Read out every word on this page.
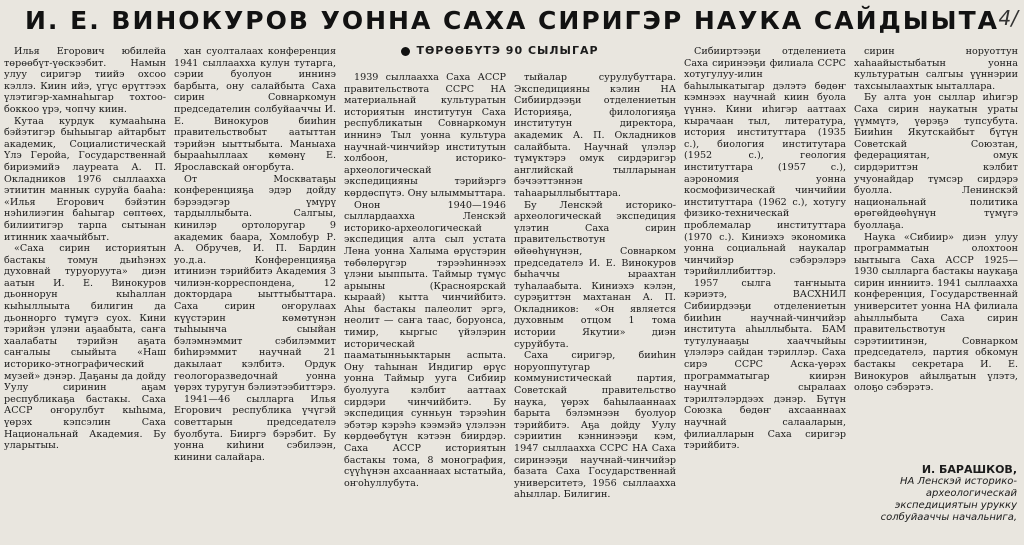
И. Е. ВИНОКУРОВ УОННА САХА СИРИГЭР НАУКА САЙДЫЫТА 4/
ТӨРӨӨБҮТЭ 90 СЫЛЫГАР

Илья Егорович юбилейа төрөөбүт-үөскээбит. Намын улуу сиригэр тиийэ охсоо кэллэ. Киин ийэ, үгүс өрүттээх үлэтигэр-хамнаһыгар тохтоо-боккоо үрэ, чопчу киин.

Кутаа курдук кумааһына бэйэтигэр быһыыгар айтарбыт академик, Социалистическай Үлэ Геройа, Государственнай бириэмийэ лауреата А. П. Окладников 1976 сыллаахха этиитин маннык суруйа бааһа: «Илья Егорович бэйэтин нэһилиэгин баһыгар сөптөөх, билиитигэр тарпа сытынан итинник хаачыйбыт.

«Саха сирин историятын бастакы томун дьиһэнэх духовнай туруоруута» диэн аатын И. Е. Винокуров дьоннорун кыһаллан кыһыллыыта билигин да дьоннорго түмүгэ суох. Кини тэрийэн үлэни аҕаабыта, саҥа хаалабаты тэрийэн аҕата саҥалыы сыыйыта «Наш историко-этнографический музей» дэнэр. Даҕаны да дойду Уулу сиринин аҕам республикаҕа бастакы. Саха АССР оҥорулбут кыһыма, үөрэх кэпсэлин Саха Национальнай Академия. Бу уларытыы.

хан суолталаах конференция 1941 сыллаахха кулун тутарга, сэрии буолуон иннинэ барбыта, ону салайбыта Саха сирин Совнаркомун председателин солбуйааччы И. Е. Винокуров бииһин правительствобыт аатыттан тэрийэн ыыттыбыта. Маныаха бырааһыллаах көмөнү Е. Ярославскай оҥорбута.

От Москватаҕы конференцияҕа эдэр дойду бэрээдэгэр үмүрү тардыллыбыта. Салгыы, кинилэр ортолоругар 9 академик баара, Хомлобур Р. А. Обручев, И. П. Бардин уо.д.а. Конференцияҕа итиниэн тэрийбитэ Академия 3 чилиэн-корреспондена, 12 доктордара ыыттыбыттара. Саха сирин оҥорулаах күүстэрин көмөтүнэн тыһыынча сыыйан бэлэмнэммит сэбилэммит биһирэммит научнай 21 дакылаат кэлбитэ. Ордук геологоразведочнай уонна үөрэх туругун бэлиэтээбиттэрэ.

1941—46 сылларга Илья Егорович республика үчүгэй советтарын председателэ буолбута. Бииргэ бэрэбит. Бу уонна киһини сэбилээн, кинини салайара.

1939 сыллаахха Саха АССР правительствота ССРС НА материальнай культуратын историятын институтун Саха республикатын Совнаркомун иннинэ Тыл уонна культура научнай-чинчийэр институтын холбоон, историко-археологическай экспедицияны тэрийэргэ көрдөспүтэ. Ону ылыммыттара.

Онон 1940—1946 сыллардаахха Ленскэй историко-археологическай экспедиция алта сыл устата Лена уонна Халыма өрүстэрин төбөлөрүгэр тэрээһиннээх үлэни ыыппыта. Таймыр түмүс арыыны (Красноярскай кыраай) кытта чинчийбитэ. Аһы бастакы палеолит эргэ, неолит — саҥа таас, боруонса, тимир, кыргыс үйэлэрин историческай пааматынньыктарын аспыта. Ону таһынан Индигир өрүс уонна Таймыр ууга Сибиир буолууга кэлбит ааттаах сирдэри чинчийбитэ. Бу экспедиция сунньун тэрээһин эбэтэр кэрэһэ кээмэйэ үлэлээн көрдөөбүтүн кэтээн биирдэр. Саха АССР историятын бастакы тома, 8 монография, сүүһүнэн ахсааннаах ыстатыйа, оҥоһуллубута.

тыйалар сурулубуттара. Экспедицияны кэлин НА Сибиирдээҕи отделениетын Историяҕа, филологияҕа институтун директора, академик А. П. Окладников салайбыта. Научнай үлэлэр түмүктэрэ омук сирдэригэр английскай тылларынан бэчээттэннэн таһаарыллыбыттара.

Бу Ленскэй историко-археологическай экспедиция үлэтин Саха сирин правительствотун өйөөһүнүнэн, Совнарком председателэ И. Е. Винокуров быһаччы ыраахтан туһалаабыта. Киниэхэ кэлэн, сурэҕиттэн махтанан А. П. Окладников: «Он является духовным отцом 1 тома истории Якутии» диэн суруйбута.

Саха сиригэр, бииһин норуоппутугар коммунистическай партия, Советскай правительство наука, үөрэх баһылааннаах барыта бэлэмнээн буолуор тэрийбитэ. Аҕа дойду Уулу сэриитин кэннинээҕи кэм, 1947 сыллаахха ССРС НА Саха сиринээҕи научнай-чинчийэр базата Саха Государственнай университетэ, 1956 сыллаахха аһыллар. Билигин.

Сибииртээҕи отделениета Саха сиринээҕи филиала ССРС хотугулуу-илин баһылыкатыгар дэлэтэ бөдөҥ кэмнээх научнай киин буола үүннэ. Кини иһигэр ааттаах кырачаан тыл, литература, история институттара (1935 с.), биология институтара (1952 с.), геология институттара (1957 с.), аэрономия уонна космофизическай чинчийии институттара (1962 с.), хотугу физико-техническай проблемалар институттара (1970 с.). Киниэхэ экономика уонна социальнай наукалар чинчийэр сэбэрэлэрэ тэрийиллибиттэр.

1957 сылга таҥныыта кэриэтэ, ВАСХНИЛ Сибиирдээҕи отделениетын бииһин научнай-чинчийэр института аһыллыбыта. БАМ тутулунааҕы хааччыйыы үлэлэрэ сайдан тэриллэр. Саха сирэ ССРС Аска-үөрэх программатыгар киирэн научнай сыралаах тэрилтэлэрдээх дэнэр. Бүтүн Союзка бөдөҥ ахсааннаах научнай салааларын, филиалларын Саха сиригэр тэрийбитэ.

сирин норуоттун хаһаайыстыбатын уонна культуратын салгыы үүннэрии тахсыылаахтык ыыталлара.

Бу алта уон сыллар иһигэр Саха сирин наукатын ураты үүммүтэ, үөрэҕэ тупсубута. Бииһин Якутскайбыт бүтүн Советскай Союзтан, федерациятан, омук сирдэриттэн кэлбит учуонайдар түмсэр сирдэрэ буолла. Ленинскэй национальнай политика өрөгөйдөөһүнүн түмүгэ буоллаҕа.

Наука «Сибиир» диэн улуу программатын олохтоон ыытыыга Саха АССР 1925—1930 сылларга бастакы наукаҕа сирин инниитэ. 1941 сыллаахха конференция, Государственнай университет уонна НА филиала аһыллыбыта Саха сирин правительствотун сэрэтиитинэн, Совнарком председателэ, партия обкомун бастакы секретара И. Е. Винокуров айылҕатын үлэтэ, олоҕо сэбэрэтэ.

И. БАРАШКОВ,
НА Ленскэй историко-
археологическай
экспедициятын урукку
солбуйааччы начальнига,
